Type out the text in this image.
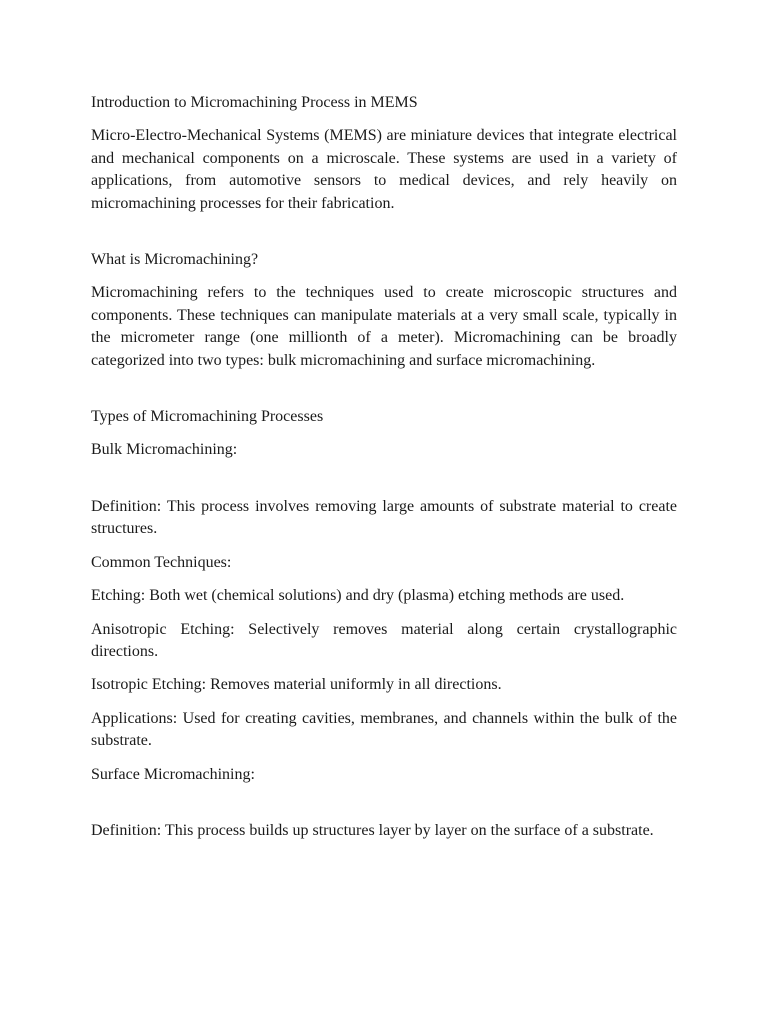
Introduction to Micromachining Process in MEMS

Micro-Electro-Mechanical Systems (MEMS) are miniature devices that integrate electrical and mechanical components on a microscale. These systems are used in a variety of applications, from automotive sensors to medical devices, and rely heavily on micromachining processes for their fabrication.

What is Micromachining?

Micromachining refers to the techniques used to create microscopic structures and components. These techniques can manipulate materials at a very small scale, typically in the micrometer range (one millionth of a meter). Micromachining can be broadly categorized into two types: bulk micromachining and surface micromachining.

Types of Micromachining Processes

Bulk Micromachining:

Definition: This process involves removing large amounts of substrate material to create structures.

Common Techniques:

Etching: Both wet (chemical solutions) and dry (plasma) etching methods are used.

Anisotropic Etching: Selectively removes material along certain crystallographic directions.

Isotropic Etching: Removes material uniformly in all directions.

Applications: Used for creating cavities, membranes, and channels within the bulk of the substrate.

Surface Micromachining:

Definition: This process builds up structures layer by layer on the surface of a substrate.
